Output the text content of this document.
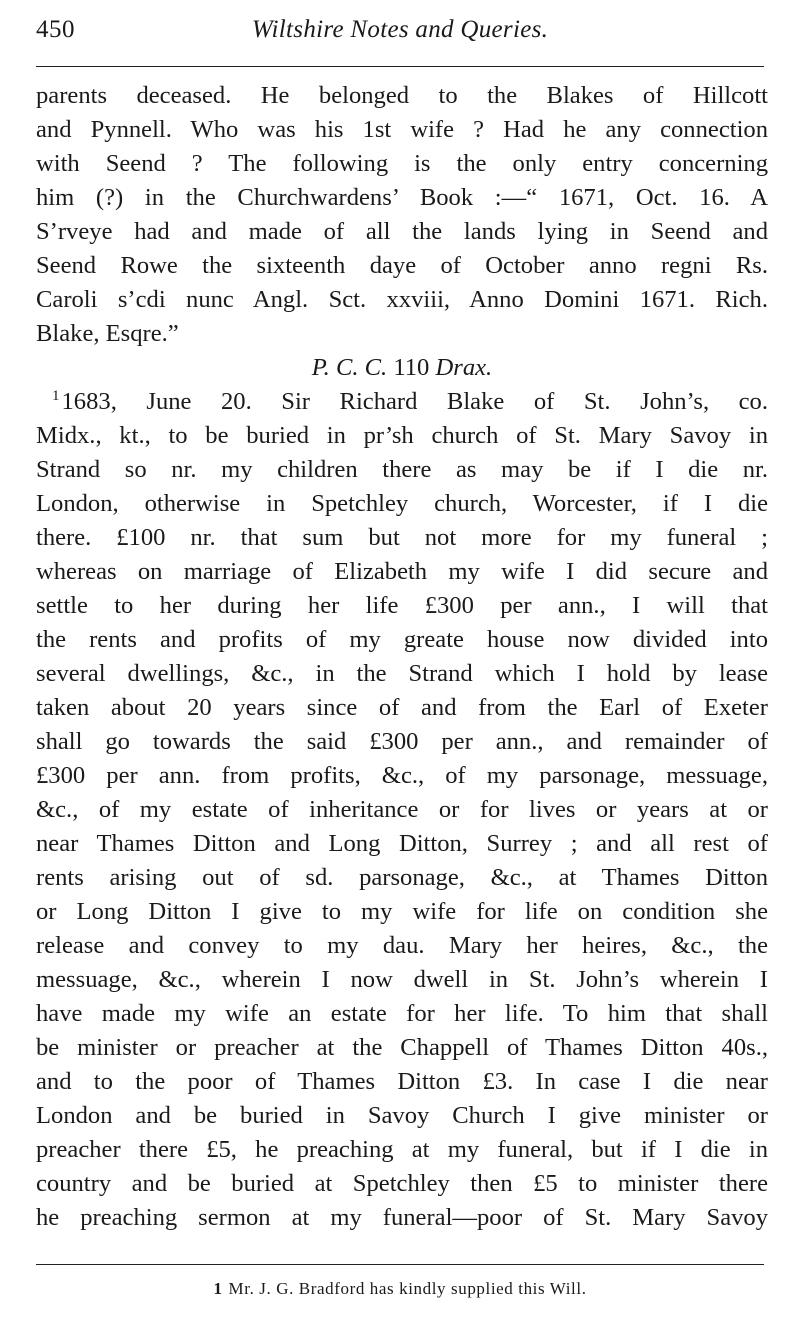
450	Wiltshire Notes and Queries.
parents deceased. He belonged to the Blakes of Hillcott
and Pynnell. Who was his 1st wife ? Had he any connection
with Seend ? The following is the only entry concerning
him (?) in the Churchwardens’ Book :—“ 1671, Oct. 16. A
S’rveye had and made of all the lands lying in Seend and
Seend Rowe the sixteenth daye of October anno regni Rs.
Caroli s’cdi nunc Angl. Sct. xxviii, Anno Domini 1671. Rich.
Blake, Esqre.”
P. C. C. 110 Drax.
$^1$1683, June 20. Sir Richard Blake of St. John’s, co.
Midx., kt., to be buried in pr’sh church of St. Mary Savoy in
Strand so nr. my children there as may be if I die nr.
London, otherwise in Spetchley church, Worcester, if I die
there. £100 nr. that sum but not more for my funeral ;
whereas on marriage of Elizabeth my wife I did secure and
settle to her during her life £300 per ann., I will that
the rents and profits of my greate house now divided into
several dwellings, &c., in the Strand which I hold by lease
taken about 20 years since of and from the Earl of Exeter
shall go towards the said £300 per ann., and remainder of
£300 per ann. from profits, &c., of my parsonage, messuage,
&c., of my estate of inheritance or for lives or years at or
near Thames Ditton and Long Ditton, Surrey ; and all rest of
rents arising out of sd. parsonage, &c., at Thames Ditton
or Long Ditton I give to my wife for life on condition she
release and convey to my dau. Mary her heires, &c., the
messuage, &c., wherein I now dwell in St. John’s wherein I
have made my wife an estate for her life. To him that shall
be minister or preacher at the Chappell of Thames Ditton 40s.,
and to the poor of Thames Ditton £3. In case I die near
London and be buried in Savoy Church I give minister or
preacher there £5, he preaching at my funeral, but if I die in
country and be buried at Spetchley then £5 to minister there
he preaching sermon at my funeral—poor of St. Mary Savoy
1 Mr. J. G. Bradford has kindly supplied this Will.
